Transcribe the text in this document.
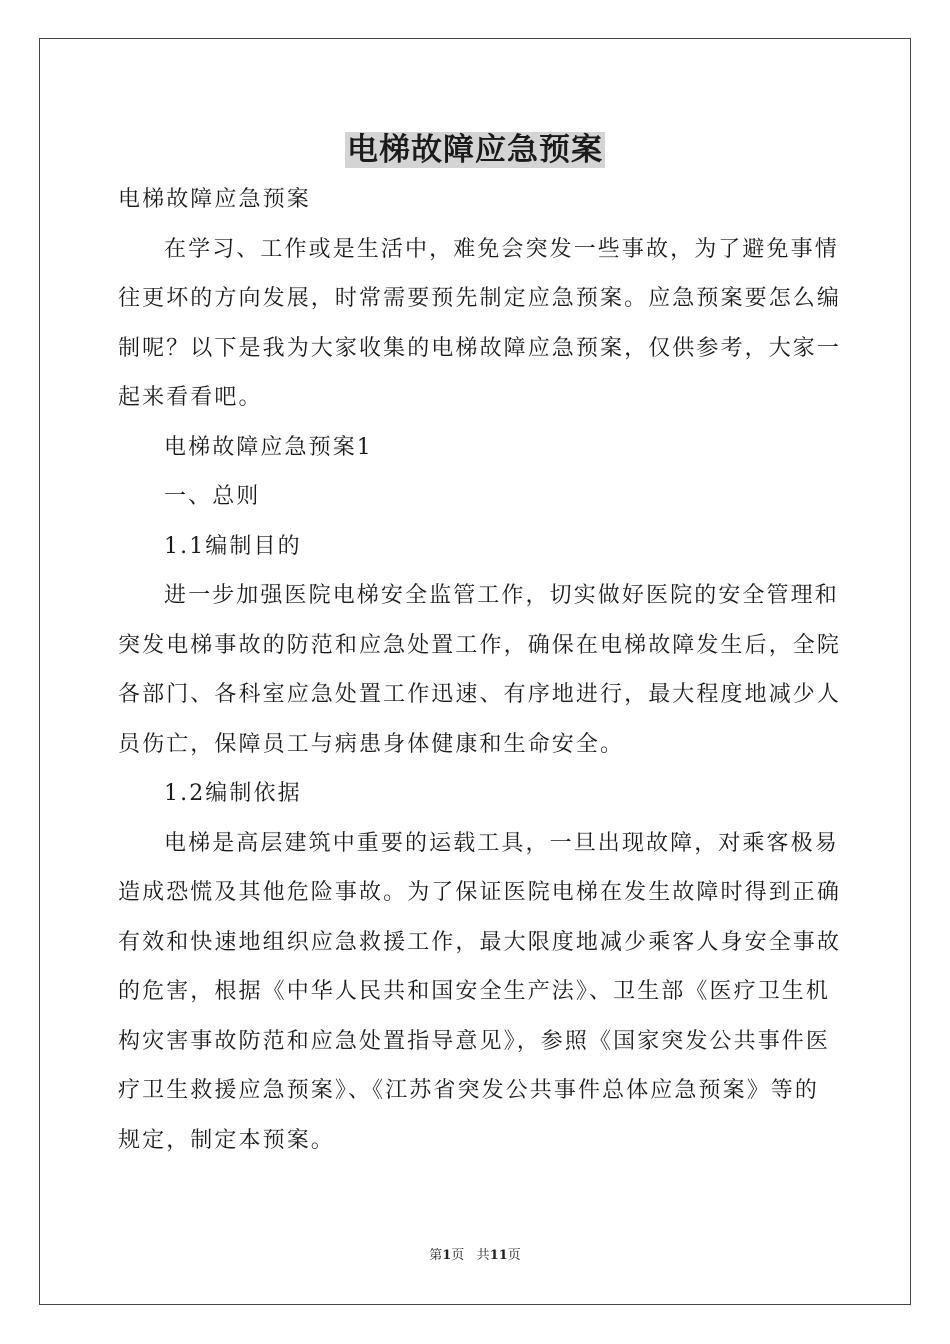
电梯故障应急预案
电梯故障应急预案
在学习、工作或是生活中，难免会突发一些事故，为了避免事情
往更坏的方向发展，时常需要预先制定应急预案。应急预案要怎么编
制呢？以下是我为大家收集的电梯故障应急预案，仅供参考，大家一
起来看看吧。
电梯故障应急预案1
一、总则
1.1编制目的
进一步加强医院电梯安全监管工作，切实做好医院的安全管理和
突发电梯事故的防范和应急处置工作，确保在电梯故障发生后，全院
各部门、各科室应急处置工作迅速、有序地进行，最大程度地减少人
员伤亡，保障员工与病患身体健康和生命安全。
1.2编制依据
电梯是高层建筑中重要的运载工具，一旦出现故障，对乘客极易
造成恐慌及其他危险事故。为了保证医院电梯在发生故障时得到正确
有效和快速地组织应急救援工作，最大限度地减少乘客人身安全事故
的危害，根据《中华人民共和国安全生产法》、卫生部《医疗卫生机
构灾害事故防范和应急处置指导意见》，参照《国家突发公共事件医
疗卫生救援应急预案》、《江苏省突发公共事件总体应急预案》等的
规定，制定本预案。
第1页 共11页
